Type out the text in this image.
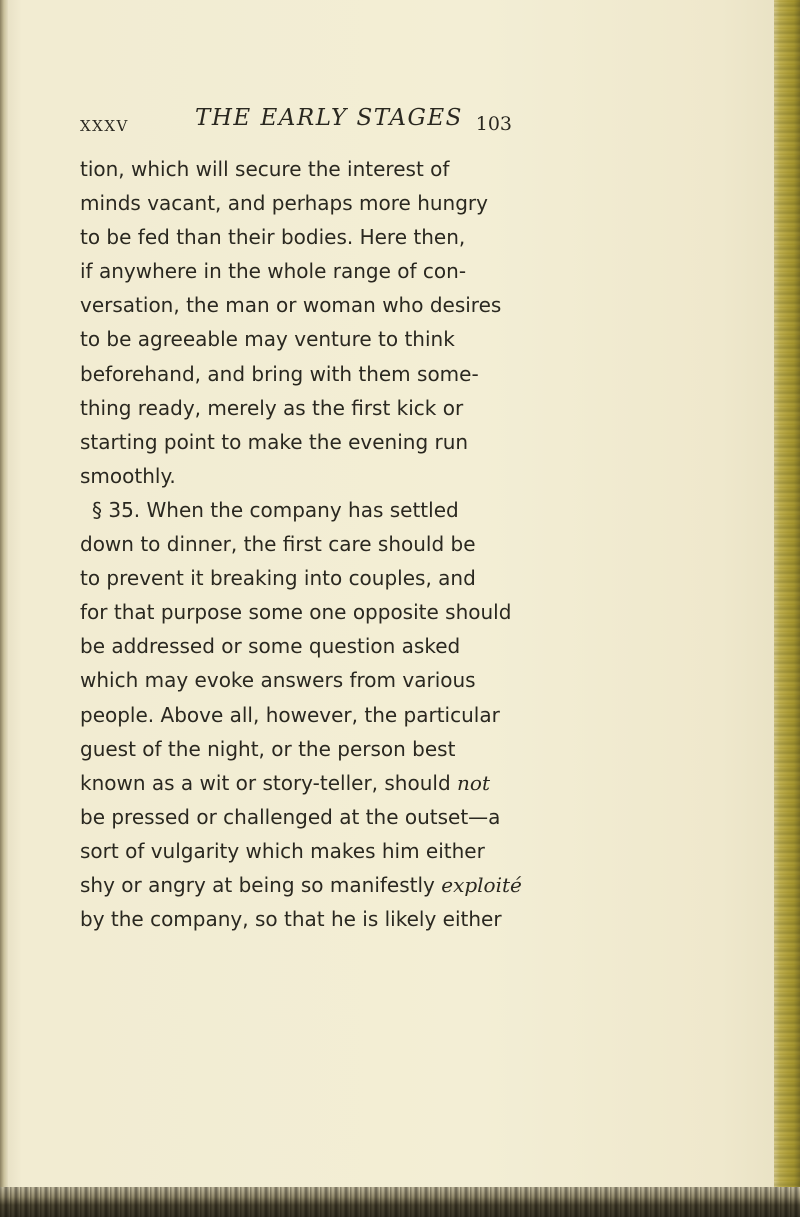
XXXV	THE EARLY STAGES 103
tion, which will secure the interest of
minds vacant, and perhaps more hungry
to be fed than their bodies. Here then,
if anywhere in the whole range of con-
versation, the man or woman who desires
to be agreeable may venture to think
beforehand, and bring with them some-
thing ready, merely as the first kick or
starting point to make the evening run
smoothly.
§ 35. When the company has settled
down to dinner, the first care should be
to prevent it breaking into couples, and
for that purpose some one opposite should
be addressed or some question asked
which may evoke answers from various
people. Above all, however, the particular
guest of the night, or the person best
known as a wit or story-teller, should not
be pressed or challenged at the outset—a
sort of vulgarity which makes him either
shy or angry at being so manifestly exploité
by the company, so that he is likely either
